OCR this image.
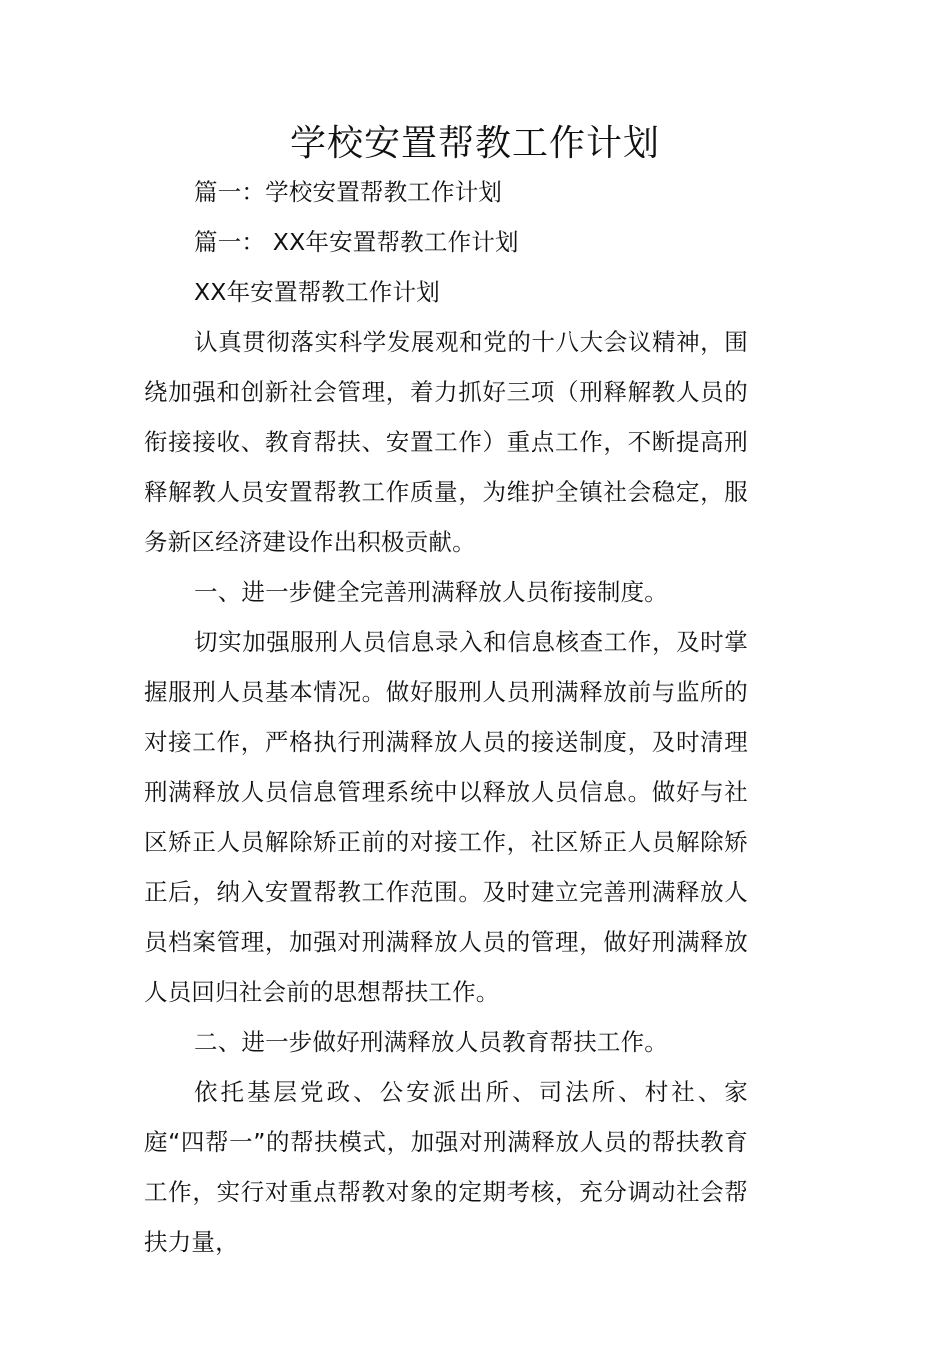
学校安置帮教工作计划

篇一：学校安置帮教工作计划

篇一： XX年安置帮教工作计划

XX年安置帮教工作计划

认真贯彻落实科学发展观和党的十八大会议精神，围绕加强和创新社会管理，着力抓好三项（刑释解教人员的衔接接收、教育帮扶、安置工作）重点工作，不断提高刑释解教人员安置帮教工作质量，为维护全镇社会稳定，服务新区经济建设作出积极贡献。

一、进一步健全完善刑满释放人员衔接制度。

切实加强服刑人员信息录入和信息核查工作，及时掌握服刑人员基本情况。做好服刑人员刑满释放前与监所的对接工作，严格执行刑满释放人员的接送制度，及时清理刑满释放人员信息管理系统中以释放人员信息。做好与社区矫正人员解除矫正前的对接工作，社区矫正人员解除矫正后，纳入安置帮教工作范围。及时建立完善刑满释放人员档案管理，加强对刑满释放人员的管理，做好刑满释放人员回归社会前的思想帮扶工作。

二、进一步做好刑满释放人员教育帮扶工作。

依托基层党政、公安派出所、司法所、村社、家庭“四帮一”的帮扶模式，加强对刑满释放人员的帮扶教育工作，实行对重点帮教对象的定期考核，充分调动社会帮扶力量，
